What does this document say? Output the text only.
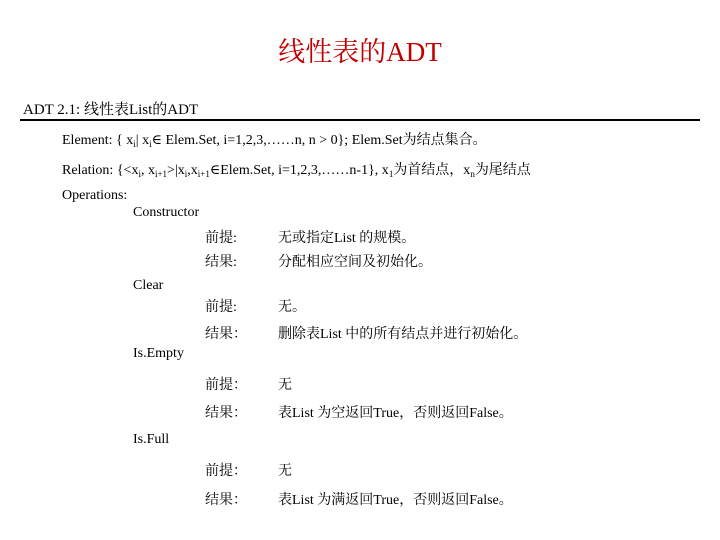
线性表的ADT
ADT 2.1: 线性表List的ADT
Element: { $x_i|$ $x_i\in$ Elem.Set, i=1,2,3,……n, n > 0}; Elem.Set为结点集合。
Relation: {$<x_i$, $x_{i+1}>|x_i,x_{i+1}\in Elem.Set$, i=1,2,3,……n-1}, $x_1$为首结点，$x_n$为尾结点
Operations:
Constructor
前提:	无或指定List 的规模。
结果:	分配相应空间及初始化。
Clear
前提:	无。
结果： 删除表List 中的所有结点并进行初始化。
Is.Empty
前提： 无
结果： 表List 为空返回True，否则返回False。
Is.Full
前提： 无
结果： 表List 为满返回True，否则返回False。
